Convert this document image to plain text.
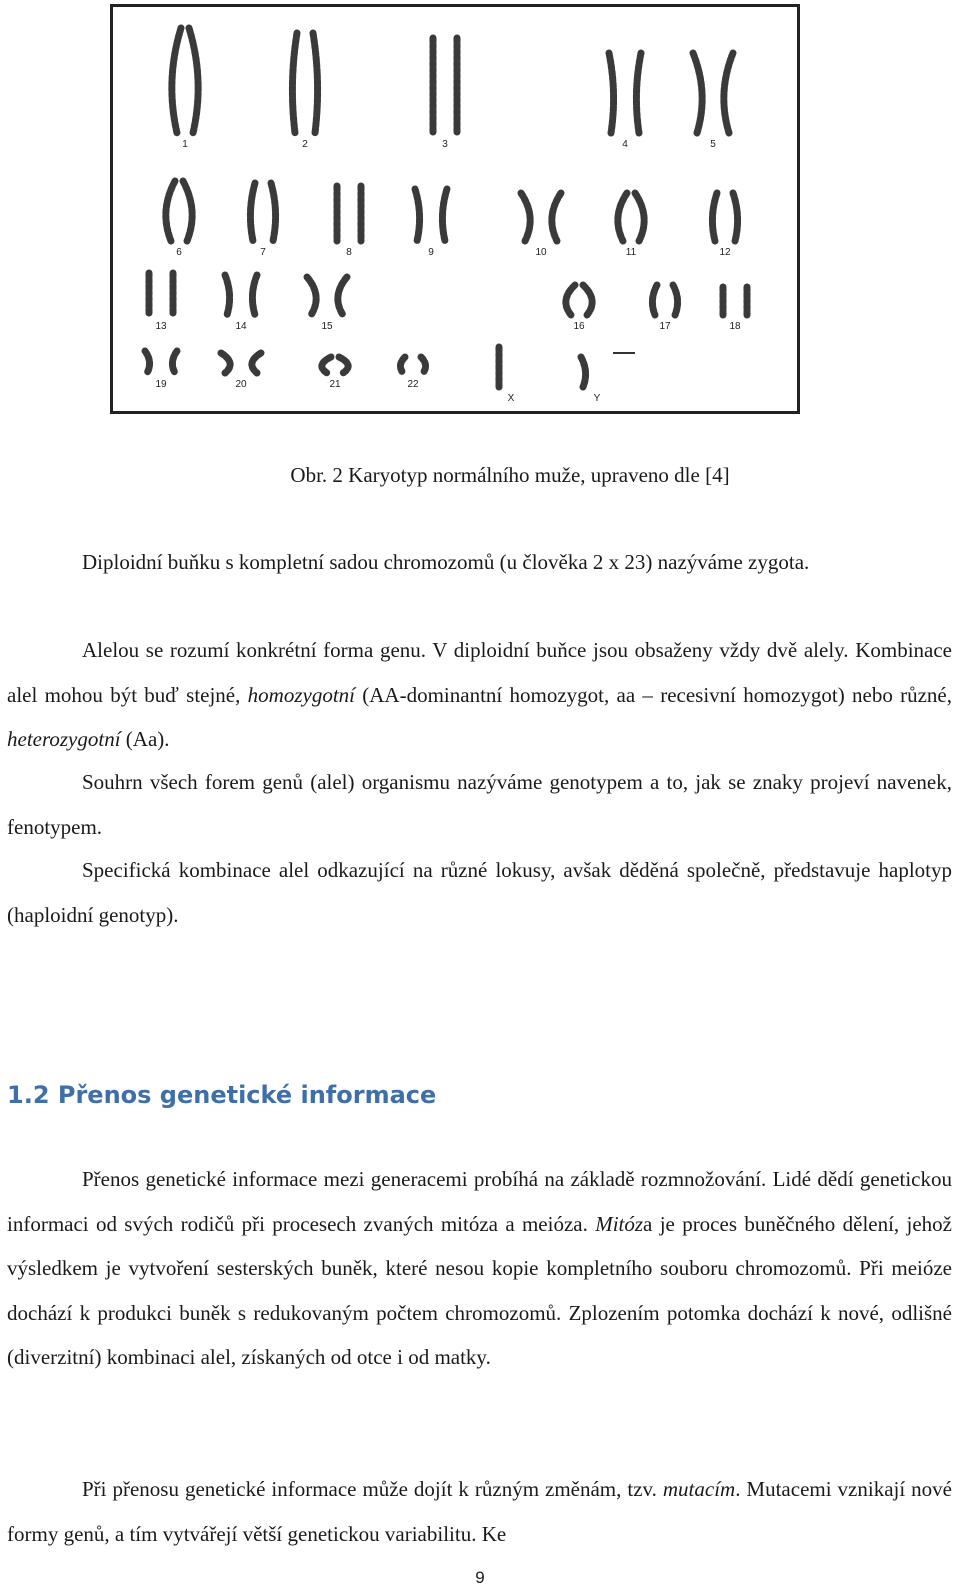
1	2	3	4	5
6	7	8	9	10	11	12
13	14	15	16	17	18
19	20	21	22
X	Y
Obr. 2 Karyotyp normálního muže, upraveno dle [4]

Diploidní buňku s kompletní sadou chromozomů (u člověka 2 x 23) nazýváme zygota.

Alelou se rozumí konkrétní forma genu. V diploidní buňce jsou obsaženy vždy dvě alely. Kombinace alel mohou být buď stejné, homozygotní (AA-dominantní homozygot, aa – recesivní homozygot) nebo různé, heterozygotní (Aa).

Souhrn všech forem genů (alel) organismu nazýváme genotypem a to, jak se znaky projeví navenek, fenotypem.

Specifická kombinace alel odkazující na různé lokusy, avšak děděná společně, představuje haplotyp (haploidní genotyp).

1.2 Přenos genetické informace

Přenos genetické informace mezi generacemi probíhá na základě rozmnožování. Lidé dědí genetickou informaci od svých rodičů při procesech zvaných mitóza a meióza. Mitóza je proces buněčného dělení, jehož výsledkem je vytvoření sesterských buněk, které nesou kopie kompletního souboru chromozomů. Při meióze dochází k produkci buněk s redukovaným počtem chromozomů. Zplozením potomka dochází k nové, odlišné (diverzitní) kombinaci alel, získaných od otce i od matky.

Při přenosu genetické informace může dojít k různým změnám, tzv. mutacím. Mutacemi vznikají nové formy genů, a tím vytvářejí větší genetickou variabilitu. Ke

9
